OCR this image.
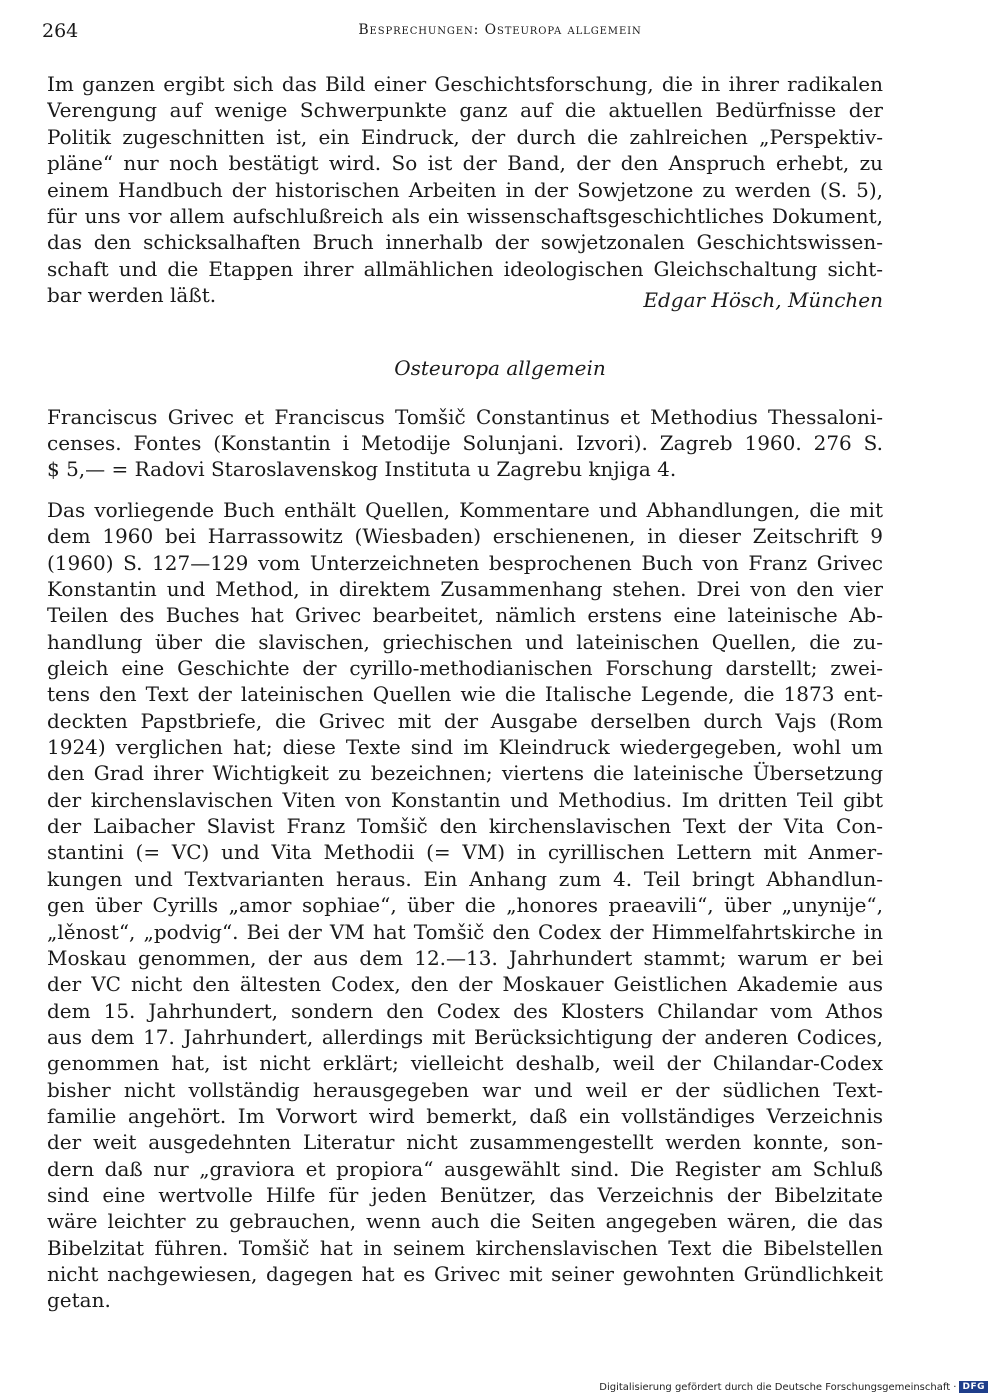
264	Besprechungen: Osteuropa allgemein
Im ganzen ergibt sich das Bild einer Geschichtsforschung, die in ihrer radikalen
Verengung auf wenige Schwerpunkte ganz auf die aktuellen Bedürfnisse der
Politik zugeschnitten ist, ein Eindruck, der durch die zahlreichen „Perspektiv-
pläne“ nur noch bestätigt wird. So ist der Band, der den Anspruch erhebt, zu
einem Handbuch der historischen Arbeiten in der Sowjetzone zu werden (S. 5),
für uns vor allem aufschlußreich als ein wissenschaftsgeschichtliches Dokument,
das den schicksalhaften Bruch innerhalb der sowjetzonalen Geschichtswissen-
schaft und die Etappen ihrer allmählichen ideologischen Gleichschaltung sicht-
bar werden läßt.	Edgar Hösch, München
Osteuropa allgemein
Franciscus Grivec et Franciscus Tomšič Constantinus et Methodius Thessaloni-
censes. Fontes (Konstantin i Metodije Solunjani. Izvori). Zagreb 1960. 276 S.
$ 5,— = Radovi Staroslavenskog Instituta u Zagrebu knjiga 4.
Das vorliegende Buch enthält Quellen, Kommentare und Abhandlungen, die mit
dem 1960 bei Harrassowitz (Wiesbaden) erschienenen, in dieser Zeitschrift 9
(1960) S. 127—129 vom Unterzeichneten besprochenen Buch von Franz Grivec
Konstantin und Method, in direktem Zusammenhang stehen. Drei von den vier
Teilen des Buches hat Grivec bearbeitet, nämlich erstens eine lateinische Ab-
handlung über die slavischen, griechischen und lateinischen Quellen, die zu-
gleich eine Geschichte der cyrillo-methodianischen Forschung darstellt; zwei-
tens den Text der lateinischen Quellen wie die Italische Legende, die 1873 ent-
deckten Papstbriefe, die Grivec mit der Ausgabe derselben durch Vajs (Rom
1924) verglichen hat; diese Texte sind im Kleindruck wiedergegeben, wohl um
den Grad ihrer Wichtigkeit zu bezeichnen; viertens die lateinische Übersetzung
der kirchenslavischen Viten von Konstantin und Methodius. Im dritten Teil gibt
der Laibacher Slavist Franz Tomšič den kirchenslavischen Text der Vita Con-
stantini (= VC) und Vita Methodii (= VM) in cyrillischen Lettern mit Anmer-
kungen und Textvarianten heraus. Ein Anhang zum 4. Teil bringt Abhandlun-
gen über Cyrills „amor sophiae“, über die „honores praeavili“, über „unynije“,
„lěnost“, „podvig“. Bei der VM hat Tomšič den Codex der Himmelfahrtskirche in
Moskau genommen, der aus dem 12.—13. Jahrhundert stammt; warum er bei
der VC nicht den ältesten Codex, den der Moskauer Geistlichen Akademie aus
dem 15. Jahrhundert, sondern den Codex des Klosters Chilandar vom Athos
aus dem 17. Jahrhundert, allerdings mit Berücksichtigung der anderen Codices,
genommen hat, ist nicht erklärt; vielleicht deshalb, weil der Chilandar-Codex
bisher nicht vollständig herausgegeben war und weil er der südlichen Text-
familie angehört. Im Vorwort wird bemerkt, daß ein vollständiges Verzeichnis
der weit ausgedehnten Literatur nicht zusammengestellt werden konnte, son-
dern daß nur „graviora et propiora“ ausgewählt sind. Die Register am Schluß
sind eine wertvolle Hilfe für jeden Benützer, das Verzeichnis der Bibelzitate
wäre leichter zu gebrauchen, wenn auch die Seiten angegeben wären, die das
Bibelzitat führen. Tomšič hat in seinem kirchenslavischen Text die Bibelstellen
nicht nachgewiesen, dagegen hat es Grivec mit seiner gewohnten Gründlichkeit
getan.
Digitalisierung gefördert durch die Deutsche Forschungsgemeinschaft · DFG
